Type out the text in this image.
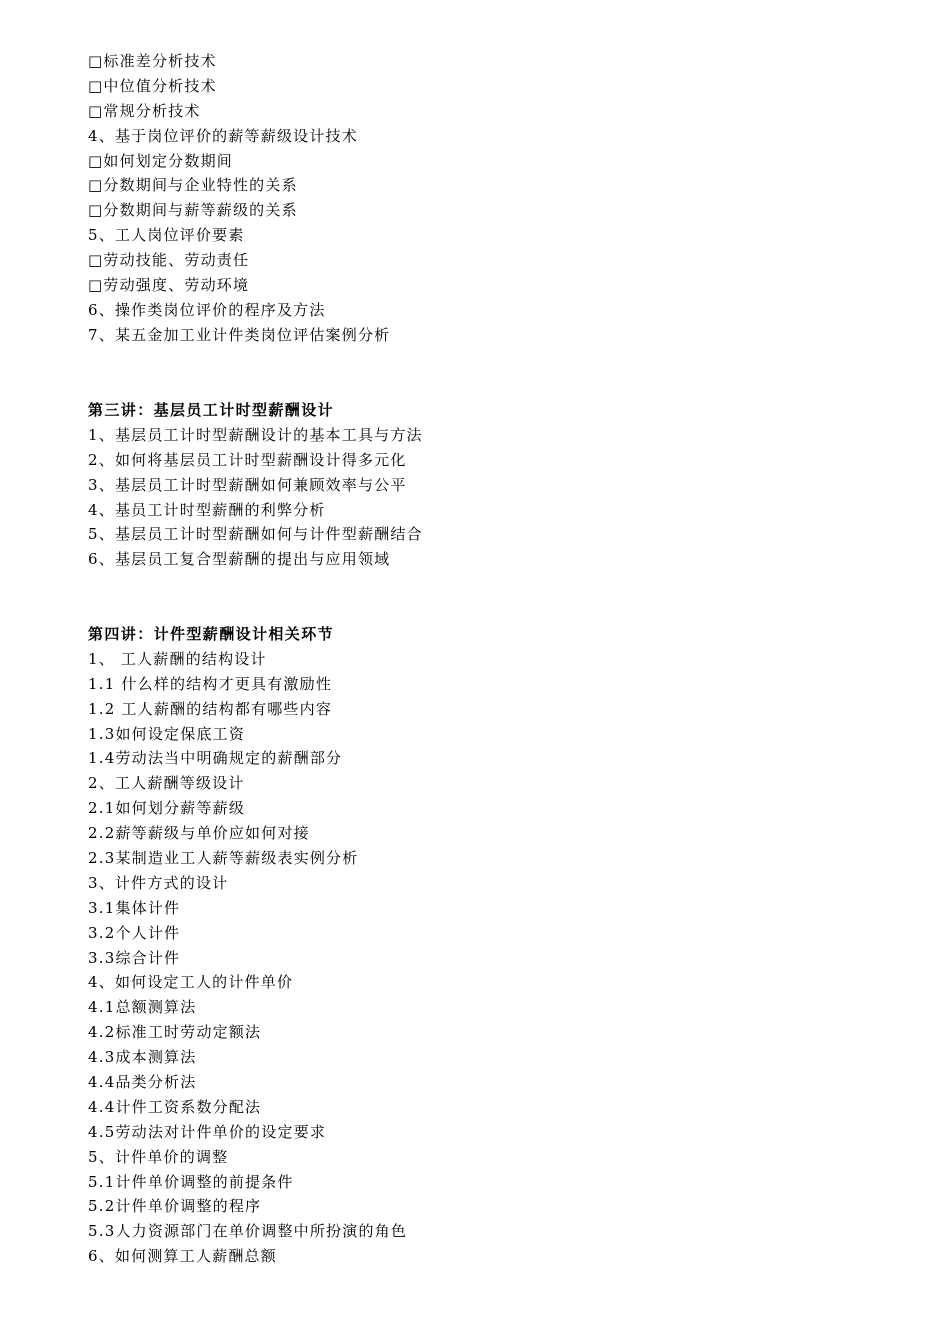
□标准差分析技术
□中位值分析技术
□常规分析技术
4、基于岗位评价的薪等薪级设计技术
□如何划定分数期间
□分数期间与企业特性的关系
□分数期间与薪等薪级的关系
5、工人岗位评价要素
□劳动技能、劳动责任
□劳动强度、劳动环境
6、操作类岗位评价的程序及方法
7、某五金加工业计件类岗位评估案例分析
第三讲：基层员工计时型薪酬设计
1、基层员工计时型薪酬设计的基本工具与方法
2、如何将基层员工计时型薪酬设计得多元化
3、基层员工计时型薪酬如何兼顾效率与公平
4、基员工计时型薪酬的利弊分析
5、基层员工计时型薪酬如何与计件型薪酬结合
6、基层员工复合型薪酬的提出与应用领域
第四讲：计件型薪酬设计相关环节
1、 工人薪酬的结构设计
1.1 什么样的结构才更具有激励性
1.2 工人薪酬的结构都有哪些内容
1.3如何设定保底工资
1.4劳动法当中明确规定的薪酬部分
2、工人薪酬等级设计
2.1如何划分薪等薪级
2.2薪等薪级与单价应如何对接
2.3某制造业工人薪等薪级表实例分析
3、计件方式的设计
3.1集体计件
3.2个人计件
3.3综合计件
4、如何设定工人的计件单价
4.1总额测算法
4.2标准工时劳动定额法
4.3成本测算法
4.4品类分析法
4.4计件工资系数分配法
4.5劳动法对计件单价的设定要求
5、计件单价的调整
5.1计件单价调整的前提条件
5.2计件单价调整的程序
5.3人力资源部门在单价调整中所扮演的角色
6、如何测算工人薪酬总额
